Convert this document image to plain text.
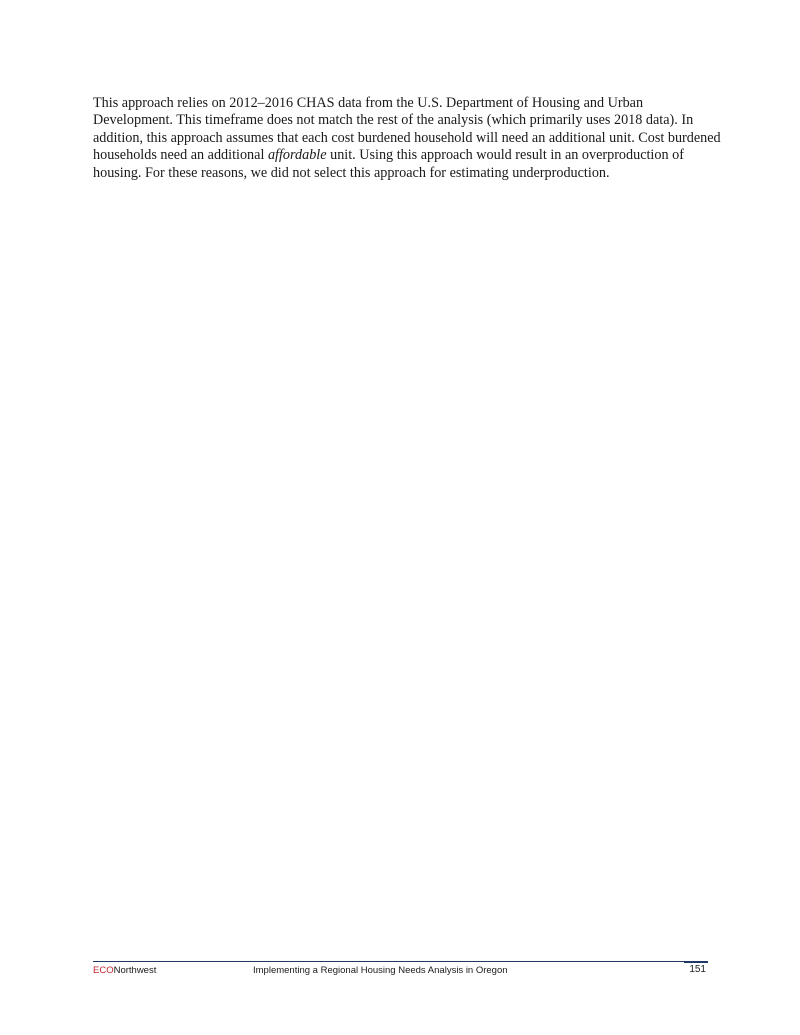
This approach relies on 2012–2016 CHAS data from the U.S. Department of Housing and Urban Development. This timeframe does not match the rest of the analysis (which primarily uses 2018 data). In addition, this approach assumes that each cost burdened household will need an additional unit. Cost burdened households need an additional affordable unit. Using this approach would result in an overproduction of housing. For these reasons, we did not select this approach for estimating underproduction.

ECONorthwest	Implementing a Regional Housing Needs Analysis in Oregon	151
